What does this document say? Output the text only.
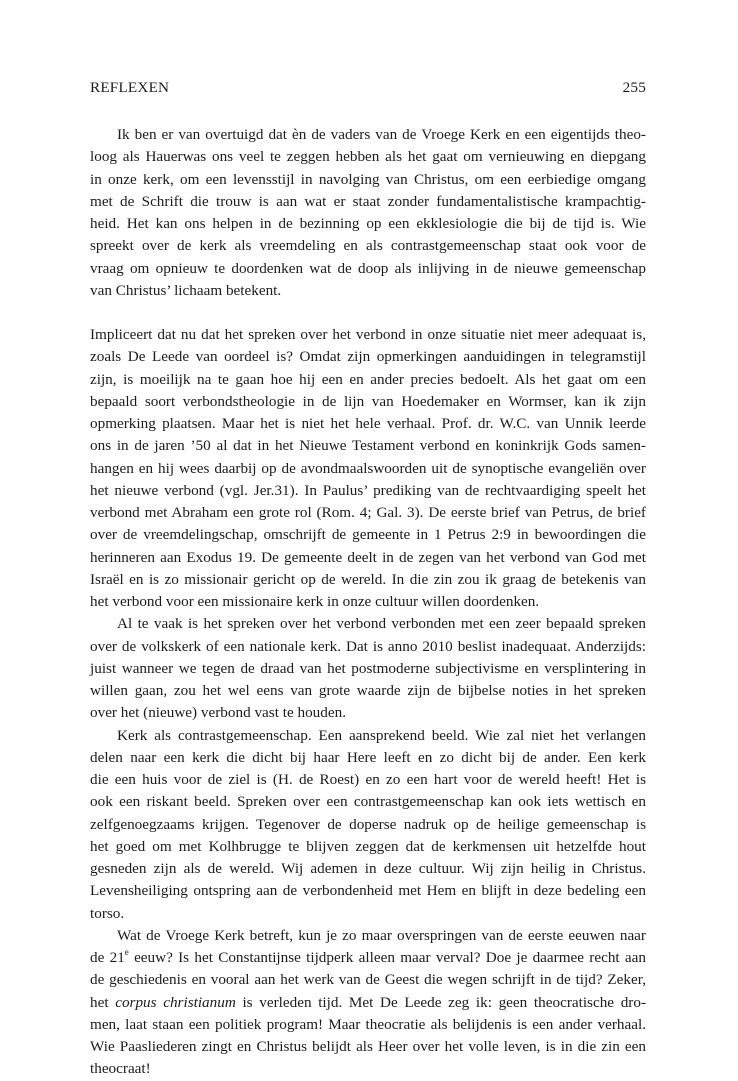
REFLEXEN	255

Ik ben er van overtuigd dat èn de vaders van de Vroege Kerk en een eigentijds theo-
loog als Hauerwas ons veel te zeggen hebben als het gaat om vernieuwing en diepgang
in onze kerk, om een levensstijl in navolging van Christus, om een eerbiedige omgang
met de Schrift die trouw is aan wat er staat zonder fundamentalistische krampachtig-
heid. Het kan ons helpen in de bezinning op een ekklesiologie die bij de tijd is. Wie
spreekt over de kerk als vreemdeling en als contrastgemeenschap staat ook voor de
vraag om opnieuw te doordenken wat de doop als inlijving in de nieuwe gemeenschap
van Christus’ lichaam betekent.

Impliceert dat nu dat het spreken over het verbond in onze situatie niet meer adequaat is,
zoals De Leede van oordeel is? Omdat zijn opmerkingen aanduidingen in telegramstijl
zijn, is moeilijk na te gaan hoe hij een en ander precies bedoelt. Als het gaat om een
bepaald soort verbondstheologie in de lijn van Hoedemaker en Wormser, kan ik zijn
opmerking plaatsen. Maar het is niet het hele verhaal. Prof. dr. W.C. van Unnik leerde
ons in de jaren ’50 al dat in het Nieuwe Testament verbond en koninkrijk Gods samen-
hangen en hij wees daarbij op de avondmaalswoorden uit de synoptische evangeliën over
het nieuwe verbond (vgl. Jer.31). In Paulus’ prediking van de rechtvaardiging speelt het
verbond met Abraham een grote rol (Rom. 4; Gal. 3). De eerste brief van Petrus, de brief
over de vreemdelingschap, omschrijft de gemeente in 1 Petrus 2:9 in bewoordingen die
herinneren aan Exodus 19. De gemeente deelt in de zegen van het verbond van God met
Israël en is zo missionair gericht op de wereld. In die zin zou ik graag de betekenis van
het verbond voor een missionaire kerk in onze cultuur willen doordenken.

Al te vaak is het spreken over het verbond verbonden met een zeer bepaald spreken
over de volkskerk of een nationale kerk. Dat is anno 2010 beslist inadequaat. Anderzijds:
juist wanneer we tegen de draad van het postmoderne subjectivisme en versplintering in
willen gaan, zou het wel eens van grote waarde zijn de bijbelse noties in het spreken
over het (nieuwe) verbond vast te houden.

Kerk als contrastgemeenschap. Een aansprekend beeld. Wie zal niet het verlangen
delen naar een kerk die dicht bij haar Here leeft en zo dicht bij de ander. Een kerk
die een huis voor de ziel is (H. de Roest) en zo een hart voor de wereld heeft! Het is
ook een riskant beeld. Spreken over een contrastgemeenschap kan ook iets wettisch en
zelfgenoegzaams krijgen. Tegenover de doperse nadruk op de heilige gemeenschap is
het goed om met Kolhbrugge te blijven zeggen dat de kerkmensen uit hetzelfde hout
gesneden zijn als de wereld. Wij ademen in deze cultuur. Wij zijn heilig in Christus.
Levensheiliging ontspring aan de verbondenheid met Hem en blijft in deze bedeling een
torso.

Wat de Vroege Kerk betreft, kun je zo maar overspringen van de eerste eeuwen naar
de 21e eeuw? Is het Constantijnse tijdperk alleen maar verval? Doe je daarmee recht aan
de geschiedenis en vooral aan het werk van de Geest die wegen schrijft in de tijd? Zeker,
het corpus christianum is verleden tijd. Met De Leede zeg ik: geen theocratische dro-
men, laat staan een politiek program! Maar theocratie als belijdenis is een ander verhaal.
Wie Paasliederen zingt en Christus belijdt als Heer over het volle leven, is in die zin een
theocraat!
